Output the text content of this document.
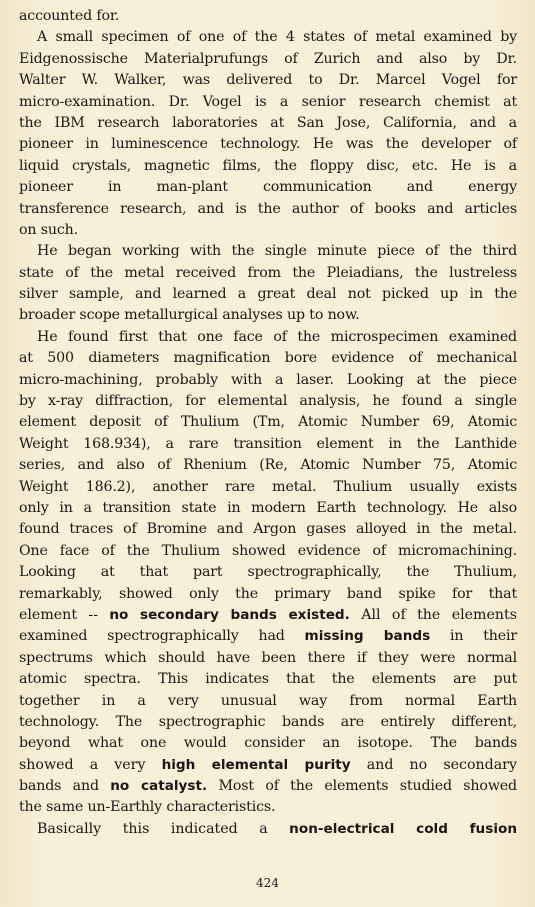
accounted for.
A small specimen of one of the 4 states of metal examined by
Eidgenossische Materialprufungs of Zurich and also by Dr.
Walter W. Walker, was delivered to Dr. Marcel Vogel for
micro-examination. Dr. Vogel is a senior research chemist at
the IBM research laboratories at San Jose, California, and a
pioneer in luminescence technology. He was the developer of
liquid crystals, magnetic films, the floppy disc, etc. He is a
pioneer in man-plant communication and energy
transference research, and is the author of books and articles
on such.
He began working with the single minute piece of the third
state of the metal received from the Pleiadians, the lustreless
silver sample, and learned a great deal not picked up in the
broader scope metallurgical analyses up to now.
He found first that one face of the microspecimen examined
at 500 diameters magnification bore evidence of mechanical
micro-machining, probably with a laser. Looking at the piece
by x-ray diffraction, for elemental analysis, he found a single
element deposit of Thulium (Tm, Atomic Number 69, Atomic
Weight 168.934), a rare transition element in the Lanthide
series, and also of Rhenium (Re, Atomic Number 75, Atomic
Weight 186.2), another rare metal. Thulium usually exists
only in a transition state in modern Earth technology. He also
found traces of Bromine and Argon gases alloyed in the metal.
One face of the Thulium showed evidence of micromachining.
Looking at that part spectrographically, the Thulium,
remarkably, showed only the primary band spike for that
element -- no secondary bands existed. All of the elements
examined spectrographically had missing bands in their
spectrums which should have been there if they were normal
atomic spectra. This indicates that the elements are put
together in a very unusual way from normal Earth
technology. The spectrographic bands are entirely different,
beyond what one would consider an isotope. The bands
showed a very high elemental purity and no secondary
bands and no catalyst. Most of the elements studied showed
the same un-Earthly characteristics.
Basically this indicated a non-electrical cold fusion
424
